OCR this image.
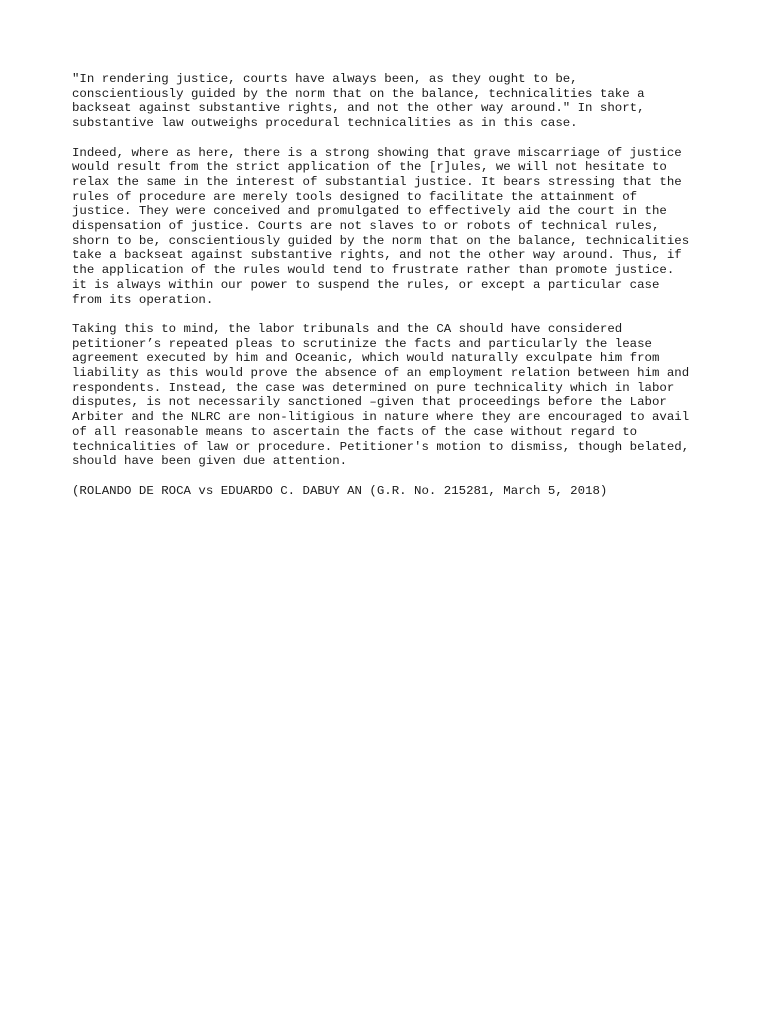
"In rendering justice, courts have always been, as they ought to be,
conscientiously guided by the norm that on the balance, technicalities take a
backseat against substantive rights, and not the other way around." In short,
substantive law outweighs procedural technicalities as in this case.
Indeed, where as here, there is a strong showing that grave miscarriage of justice
would result from the strict application of the [r]ules, we will not hesitate to
relax the same in the interest of substantial justice. It bears stressing that the
rules of procedure are merely tools designed to facilitate the attainment of
justice. They were conceived and promulgated to effectively aid the court in the
dispensation of justice. Courts are not slaves to or robots of technical rules,
shorn to be, conscientiously guided by the norm that on the balance, technicalities
take a backseat against substantive rights, and not the other way around. Thus, if
the application of the rules would tend to frustrate rather than promote justice.
it is always within our power to suspend the rules, or except a particular case
from its operation.
Taking this to mind, the labor tribunals and the CA should have considered
petitioner’s repeated pleas to scrutinize the facts and particularly the lease
agreement executed by him and Oceanic, which would naturally exculpate him from
liability as this would prove the absence of an employment relation between him and
respondents. Instead, the case was determined on pure technicality which in labor
disputes, is not necessarily sanctioned –given that proceedings before the Labor
Arbiter and the NLRC are non-litigious in nature where they are encouraged to avail
of all reasonable means to ascertain the facts of the case without regard to
technicalities of law or procedure. Petitioner's motion to dismiss, though belated,
should have been given due attention.
(ROLANDO DE ROCA vs EDUARDO C. DABUY AN (G.R. No. 215281, March 5, 2018)
